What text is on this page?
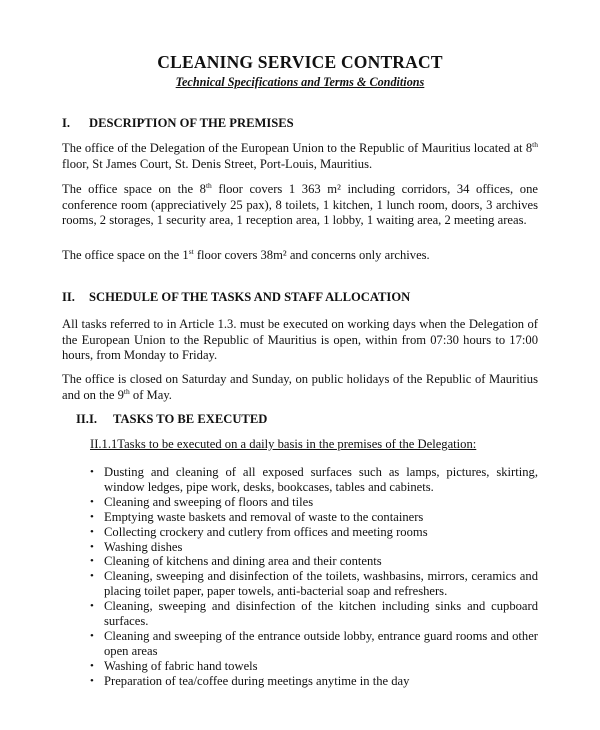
CLEANING SERVICE CONTRACT
Technical Specifications and Terms & Conditions
I.	DESCRIPTION OF THE PREMISES
The office of the Delegation of the European Union to the Republic of Mauritius located at 8th floor, St James Court, St. Denis Street, Port-Louis, Mauritius.
The office space on the 8th floor covers 1 363 m² including corridors, 34 offices, one conference room (appreciatively 25 pax), 8 toilets, 1 kitchen, 1 lunch room, doors, 3 archives rooms, 2 storages, 1 security area, 1 reception area, 1 lobby, 1 waiting area, 2 meeting areas.
The office space on the 1st floor covers 38m² and concerns only archives.
II.	SCHEDULE OF THE TASKS AND STAFF ALLOCATION
All tasks referred to in Article 1.3. must be executed on working days when the Delegation of the European Union to the Republic of Mauritius is open, within from 07:30 hours to 17:00 hours, from Monday to Friday.
The office is closed on Saturday and Sunday, on public holidays of the Republic of Mauritius and on the 9th of May.
II.I.	TASKS TO BE EXECUTED
II.1.1Tasks to be executed on a daily basis in the premises of the Delegation:
• Dusting and cleaning of all exposed surfaces such as lamps, pictures, skirting, window ledges, pipe work, desks, bookcases, tables and cabinets.
• Cleaning and sweeping of floors and tiles
• Emptying waste baskets and removal of waste to the containers
• Collecting crockery and cutlery from offices and meeting rooms
• Washing dishes
• Cleaning of kitchens and dining area and their contents
• Cleaning, sweeping and disinfection of the toilets, washbasins, mirrors, ceramics and placing toilet paper, paper towels, anti-bacterial soap and refreshers.
• Cleaning, sweeping and disinfection of the kitchen including sinks and cupboard surfaces.
• Cleaning and sweeping of the entrance outside lobby, entrance guard rooms and other open areas
• Washing of fabric hand towels
• Preparation of tea/coffee during meetings anytime in the day
